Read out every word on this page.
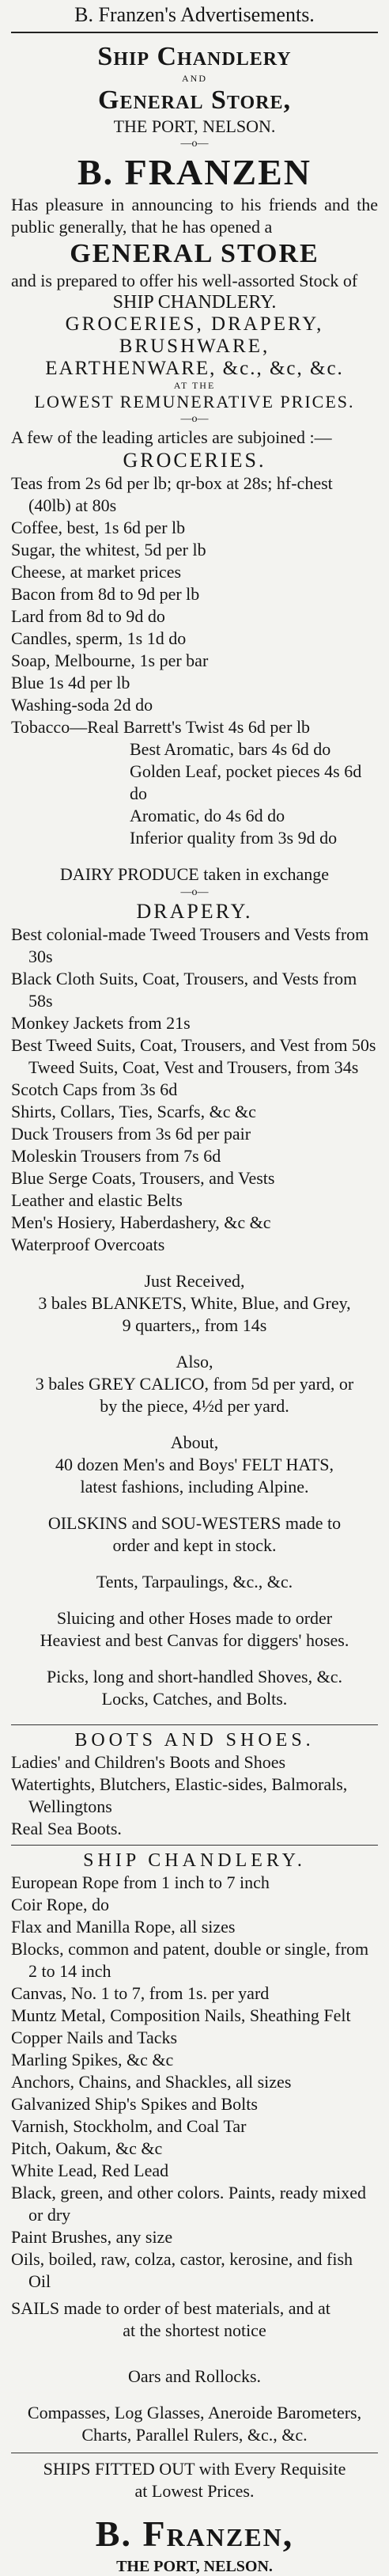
B. Franzen's Advertisements.
Ship Chandlery
AND
General Store,
THE PORT, NELSON.
—o—
B. FRANZEN
Has pleasure in announcing to his friends and the public generally, that he has opened a
GENERAL STORE
and is prepared to offer his well-assorted Stock of
SHIP CHANDLERY.
GROCERIES, DRAPERY,
BRUSHWARE,
EARTHENWARE, &c., &c, &c.
AT THE
LOWEST REMUNERATIVE PRICES.
—o—
A few of the leading articles are subjoined :—
GROCERIES.
Teas from 2s 6d per lb; qr-box at 28s; hf-chest (40lb) at 80s
Coffee, best, 1s 6d per lb
Sugar, the whitest, 5d per lb
Cheese, at market prices
Bacon from 8d to 9d per lb
Lard from 8d to 9d do
Candles, sperm, 1s 1d do
Soap, Melbourne, 1s per bar
Blue 1s 4d per lb
Washing-soda 2d do
Tobacco—Real Barrett's Twist 4s 6d per lb
Best Aromatic, bars 4s 6d do
Golden Leaf, pocket pieces 4s 6d do
Aromatic, do 4s 6d do
Inferior quality from 3s 9d do
DAIRY PRODUCE taken in exchange
—o—
DRAPERY.
Best colonial-made Tweed Trousers and Vests from 30s
Black Cloth Suits, Coat, Trousers, and Vests from 58s
Monkey Jackets from 21s
Best Tweed Suits, Coat, Trousers, and Vest from 50s
Tweed Suits, Coat, Vest and Trousers, from 34s
Scotch Caps from 3s 6d
Shirts, Collars, Ties, Scarfs, &c &c
Duck Trousers from 3s 6d per pair
Moleskin Trousers from 7s 6d
Blue Serge Coats, Trousers, and Vests
Leather and elastic Belts
Men's Hosiery, Haberdashery, &c &c
Waterproof Overcoats
Just Received,
3 bales BLANKETS, White, Blue, and Grey,
9 quarters,, from 14s
Also,
3 bales GREY CALICO, from 5d per yard, or
by the piece, 4½d per yard.
About,
40 dozen Men's and Boys' FELT HATS,
latest fashions, including Alpine.
OILSKINS and SOU-WESTERS made to
order and kept in stock.
Tents, Tarpaulings, &c., &c.
Sluicing and other Hoses made to order
Heaviest and best Canvas for diggers' hoses.
Picks, long and short-handled Shoves, &c.
Locks, Catches, and Bolts.
BOOTS AND SHOES.
Ladies' and Children's Boots and Shoes
Watertights, Blutchers, Elastic-sides, Balmorals, Wellingtons
Real Sea Boots.
SHIP CHANDLERY.
European Rope from 1 inch to 7 inch
Coir Rope, do
Flax and Manilla Rope, all sizes
Blocks, common and patent, double or single, from 2 to 14 inch
Canvas, No. 1 to 7, from 1s. per yard
Muntz Metal, Composition Nails, Sheathing Felt
Copper Nails and Tacks
Marling Spikes, &c &c
Anchors, Chains, and Shackles, all sizes
Galvanized Ship's Spikes and Bolts
Varnish, Stockholm, and Coal Tar
Pitch, Oakum, &c &c
White Lead, Red Lead
Black, green, and other colors. Paints, ready mixed or dry
Paint Brushes, any size
Oils, boiled, raw, colza, castor, kerosine, and fish Oil
SAILS made to order of best materials, and at
at the shortest notice
Oars and Rollocks.
Compasses, Log Glasses, Aneroide Barometers,
Charts, Parallel Rulers, &c., &c.
SHIPS FITTED OUT with Every Requisite
at Lowest Prices.
B. Franzen,
THE PORT, NELSON.
